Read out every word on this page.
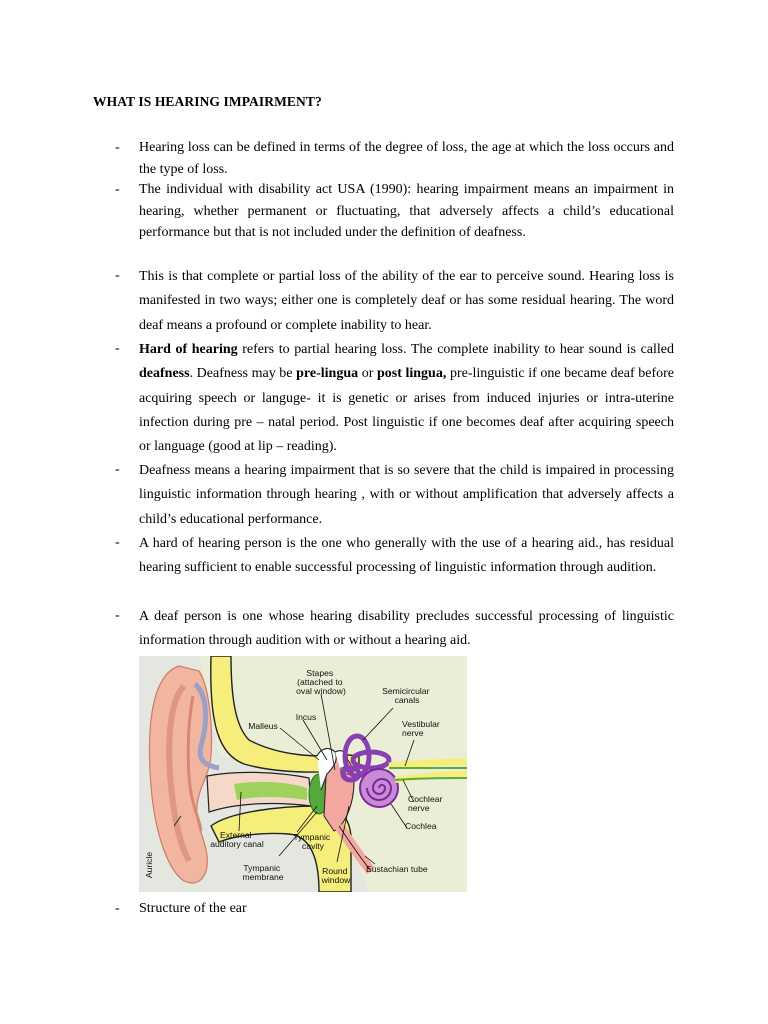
WHAT IS HEARING IMPAIRMENT?
- Hearing loss can be defined in terms of the degree of loss, the age at which the loss occurs and the type of loss.
- The individual with disability act USA (1990): hearing impairment means an impairment in hearing, whether permanent or fluctuating, that adversely affects a child’s educational performance but that is not included under the definition of deafness.
- This is that complete or partial loss of the ability of the ear to perceive sound. Hearing loss is manifested in two ways; either one is completely deaf or has some residual hearing. The word deaf means a profound or complete inability to hear.
- Hard of hearing refers to partial hearing loss. The complete inability to hear sound is called deafness. Deafness may be pre-lingua or post lingua, pre-linguistic if one became deaf before acquiring speech or languge- it is genetic or arises from induced injuries or intra-uterine infection during pre – natal period. Post linguistic if one becomes deaf after acquiring speech or language (good at lip – reading).
- Deafness means a hearing impairment that is so severe that the child is impaired in processing linguistic information through hearing , with or without amplification that adversely affects a child’s educational performance.
- A hard of hearing person is the one who generally with the use of a hearing aid., has residual hearing sufficient to enable successful processing of linguistic information through audition.
- A deaf person is one whose hearing disability precludes successful processing of linguistic information through audition with or without a hearing aid.
Stapes (attached to oval window)	Semicircular canals
Incus
Malleus	Vestibular nerve
Cochlear nerve
Cochlea
External auditory canal
Tympanic cavity
Tympanic membrane
Round window
Eustachian tube
Auricle
- Structure of the ear
